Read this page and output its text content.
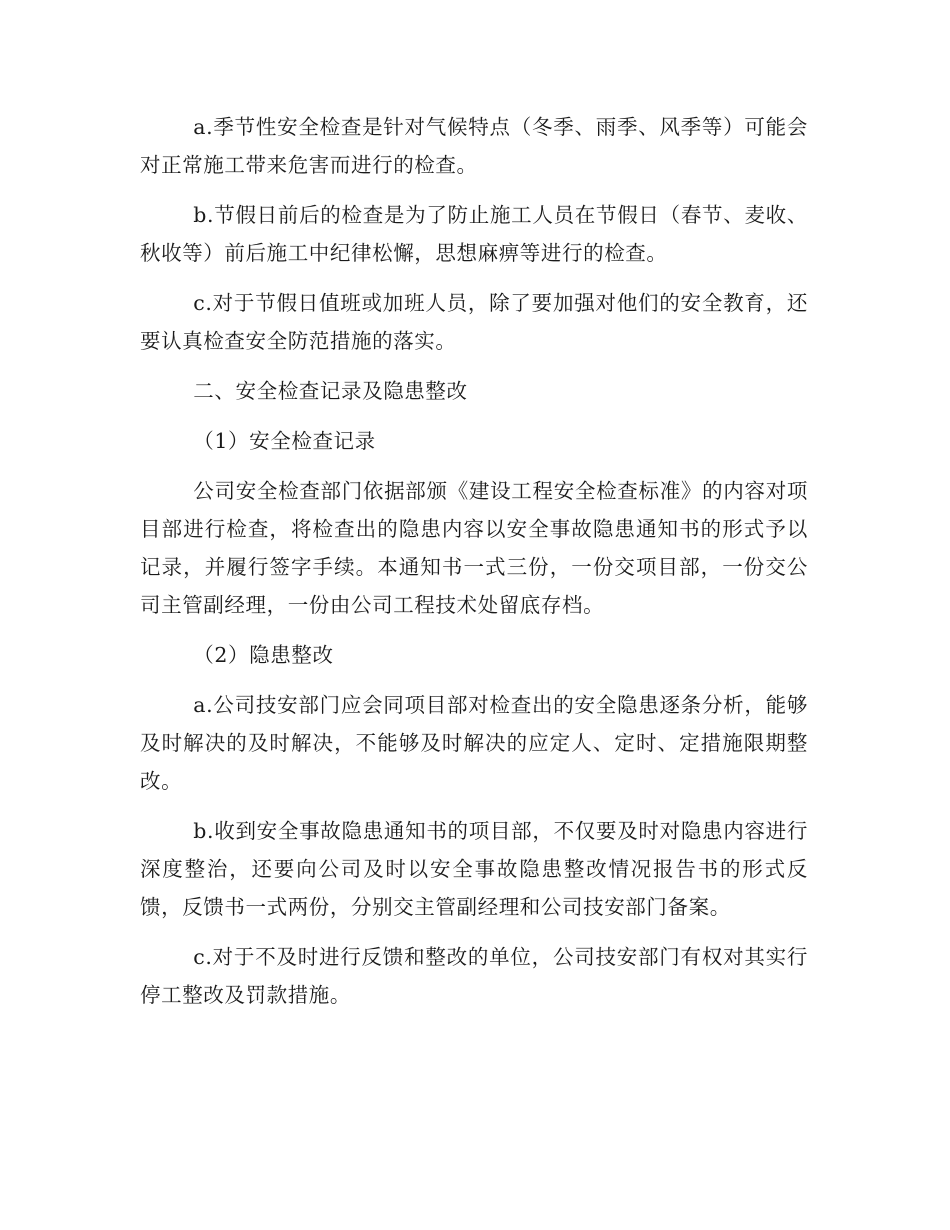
a.季节性安全检查是针对气候特点（冬季、雨季、风季等）可能会对正常施工带来危害而进行的检查。

b.节假日前后的检查是为了防止施工人员在节假日（春节、麦收、秋收等）前后施工中纪律松懈，思想麻痹等进行的检查。

c.对于节假日值班或加班人员，除了要加强对他们的安全教育，还要认真检查安全防范措施的落实。

二、安全检查记录及隐患整改

（1）安全检查记录

公司安全检查部门依据部颁《建设工程安全检查标准》的内容对项目部进行检查，将检查出的隐患内容以安全事故隐患通知书的形式予以记录，并履行签字手续。本通知书一式三份，一份交项目部，一份交公司主管副经理，一份由公司工程技术处留底存档。

（2）隐患整改

a.公司技安部门应会同项目部对检查出的安全隐患逐条分析，能够及时解决的及时解决，不能够及时解决的应定人、定时、定措施限期整改。

b.收到安全事故隐患通知书的项目部，不仅要及时对隐患内容进行深度整治，还要向公司及时以安全事故隐患整改情况报告书的形式反馈，反馈书一式两份，分别交主管副经理和公司技安部门备案。

c.对于不及时进行反馈和整改的单位，公司技安部门有权对其实行停工整改及罚款措施。
